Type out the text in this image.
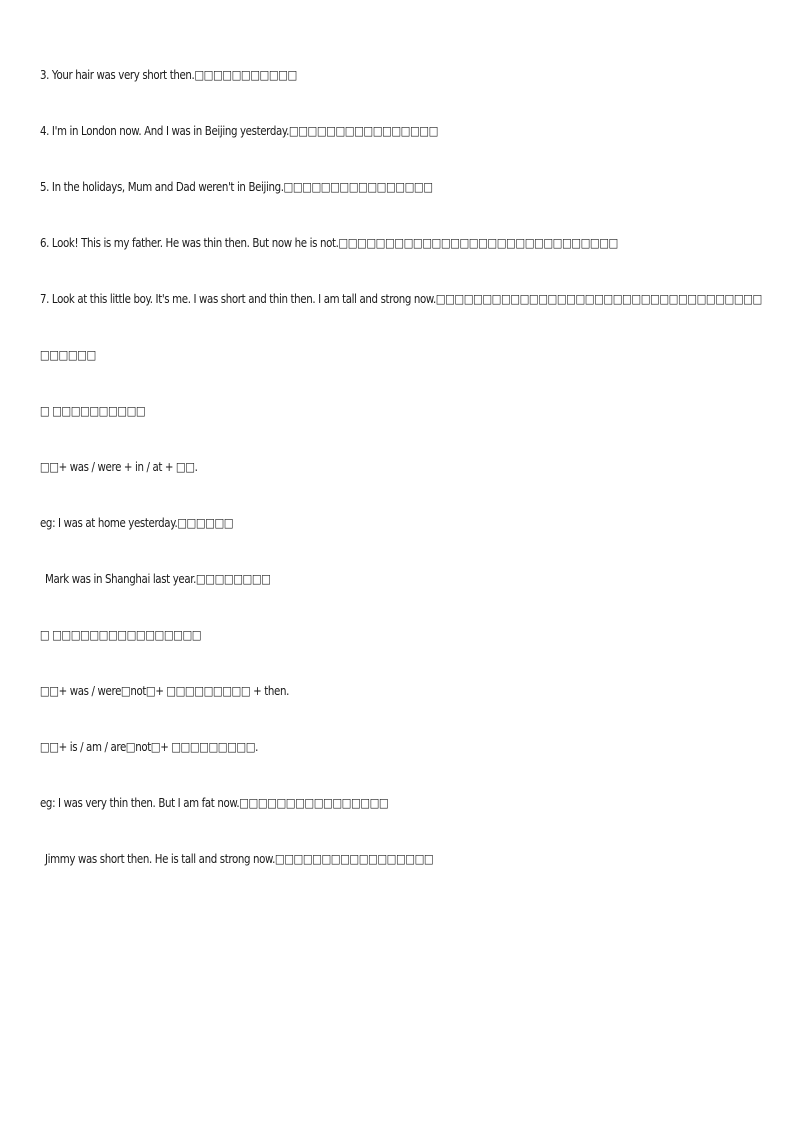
3. Your hair was very short then.□□□□□□□□□□□
4. I'm in London now. And I was in Beijing yesterday.□□□□□□□□□□□□□□□□
5. In the holidays, Mum and Dad weren't in Beijing.□□□□□□□□□□□□□□□□
6. Look! This is my father. He was thin then. But now he is not.□□□□□□□□□□□□□□□□□□□□□□□□□□□□□□
7. Look at this little boy. It's me. I was short and thin then. I am tall and strong now.□□□□□□□□□□□□□□□□□□□□□□□□□□□□□□□□□□□
□□□□□□
□ □□□□□□□□□□
□□+ was / were + in / at + □□.
eg: I was at home yesterday.□□□□□□
Mark was in Shanghai last year.□□□□□□□□
□ □□□□□□□□□□□□□□□□
□□+ was / were□not□+ □□□□□□□□□ + then.
□□+ is / am / are□not□+ □□□□□□□□□.
eg: I was very thin then. But I am fat now.□□□□□□□□□□□□□□□□
Jimmy was short then. He is tall and strong now.□□□□□□□□□□□□□□□□□
